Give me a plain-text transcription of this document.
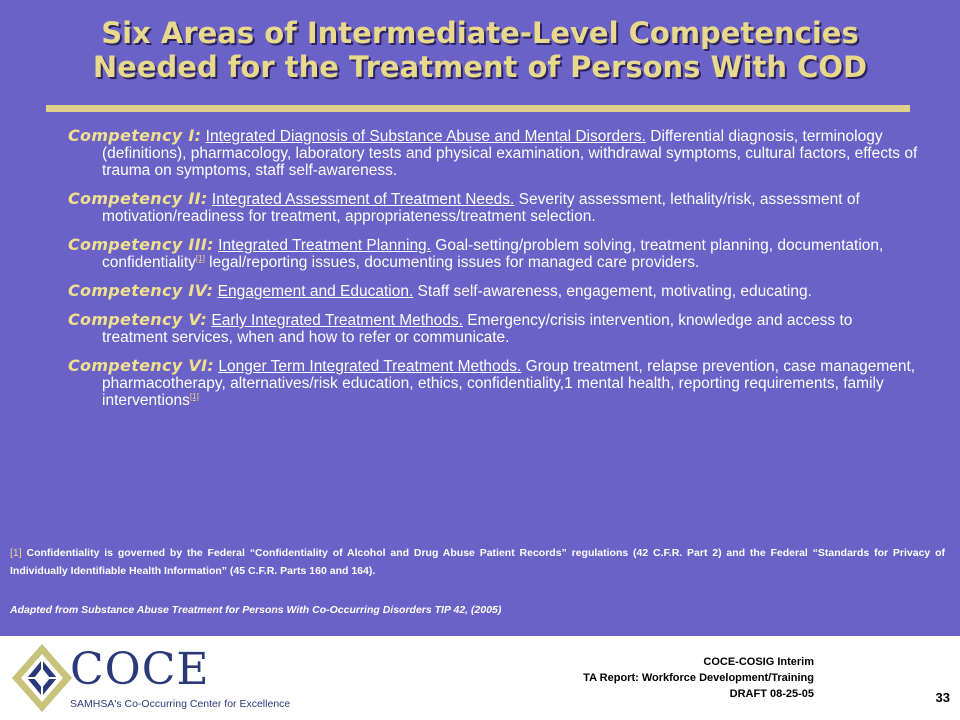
Six Areas of Intermediate-Level Competencies
Needed for the Treatment of Persons With COD

Competency I: Integrated Diagnosis of Substance Abuse and Mental Disorders. Differential diagnosis, terminology (definitions), pharmacology, laboratory tests and physical examination, withdrawal symptoms, cultural factors, effects of trauma on symptoms, staff self-awareness.

Competency II: Integrated Assessment of Treatment Needs. Severity assessment, lethality/risk, assessment of motivation/readiness for treatment, appropriateness/treatment selection.

Competency III: Integrated Treatment Planning. Goal-setting/problem solving, treatment planning, documentation, confidentiality[1] legal/reporting issues, documenting issues for managed care providers.

Competency IV: Engagement and Education. Staff self-awareness, engagement, motivating, educating.

Competency V: Early Integrated Treatment Methods. Emergency/crisis intervention, knowledge and access to treatment services, when and how to refer or communicate.

Competency VI: Longer Term Integrated Treatment Methods. Group treatment, relapse prevention, case management, pharmacotherapy, alternatives/risk education, ethics, confidentiality,1 mental health, reporting requirements, family interventions[1]

[1] Confidentiality is governed by the Federal “Confidentiality of Alcohol and Drug Abuse Patient Records” regulations (42 C.F.R. Part 2) and the Federal “Standards for Privacy of Individually Identifiable Health Information” (45 C.F.R. Parts 160 and 164).

Adapted from Substance Abuse Treatment for Persons With Co-Occurring Disorders TIP 42, (2005)

COCE

SAMHSA's Co-Occurring Center for Excellence

COCE-COSIG Interim
TA Report: Workforce Development/Training
DRAFT 08-25-05	33
